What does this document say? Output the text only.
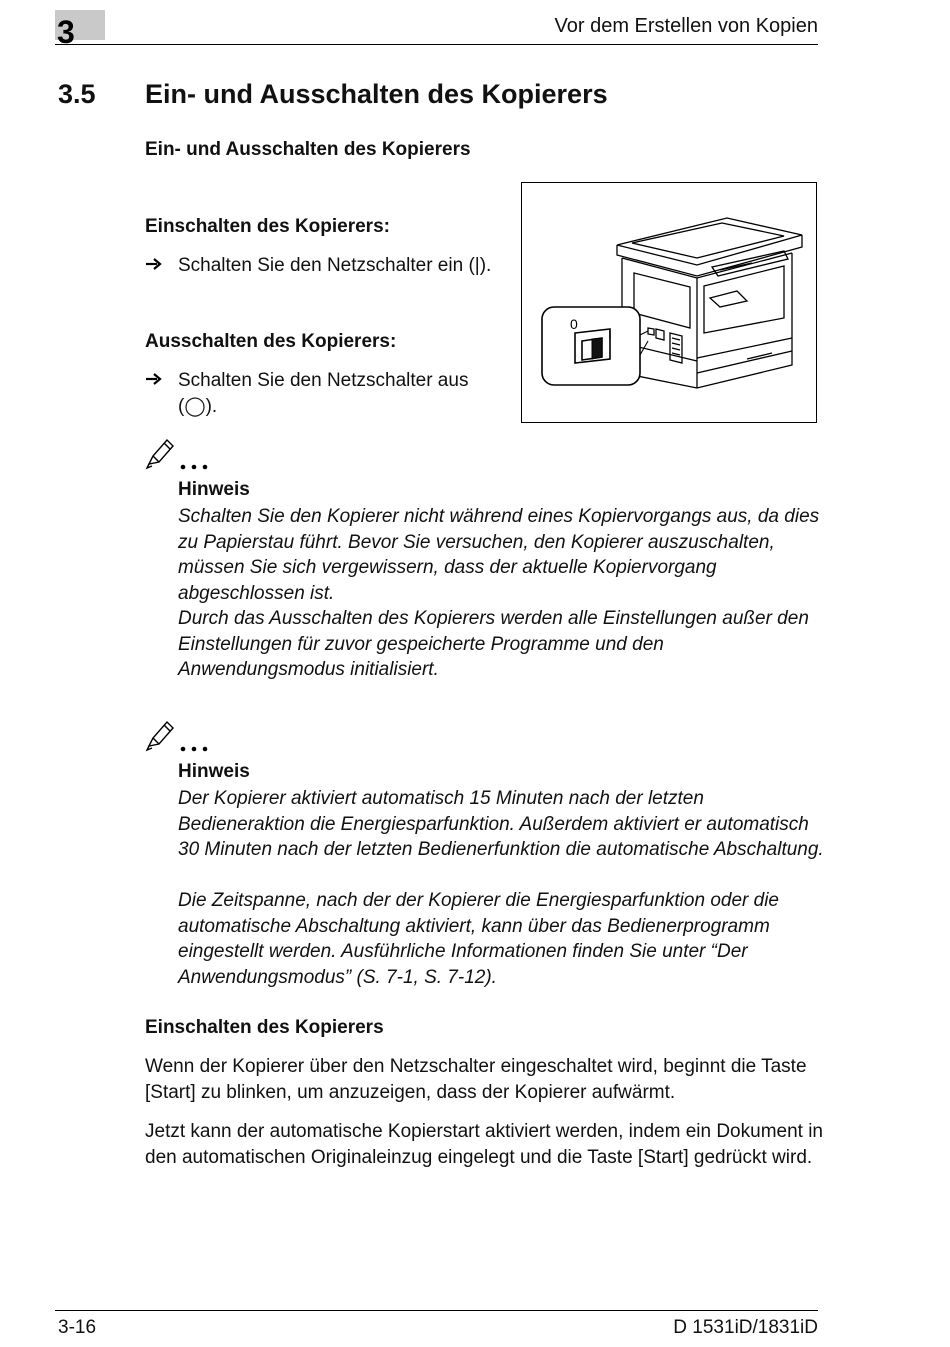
3	Vor dem Erstellen von Kopien
3.5 Ein- und Ausschalten des Kopierers
Ein- und Ausschalten des Kopierers
Einschalten des Kopierers:
Schalten Sie den Netzschalter ein (|).
Ausschalten des Kopierers:
Schalten Sie den Netzschalter aus (◯).
0
I
Hinweis
Schalten Sie den Kopierer nicht während eines Kopiervorgangs aus, da dies zu Papierstau führt. Bevor Sie versuchen, den Kopierer auszuschalten, müssen Sie sich vergewissern, dass der aktuelle Kopiervorgang abgeschlossen ist.
Durch das Ausschalten des Kopierers werden alle Einstellungen außer den Einstellungen für zuvor gespeicherte Programme und den Anwendungsmodus initialisiert.
Hinweis
Der Kopierer aktiviert automatisch 15 Minuten nach der letzten Bedieneraktion die Energiesparfunktion. Außerdem aktiviert er automatisch 30 Minuten nach der letzten Bedienerfunktion die automatische Abschaltung.
Die Zeitspanne, nach der der Kopierer die Energiesparfunktion oder die automatische Abschaltung aktiviert, kann über das Bedienerprogramm eingestellt werden. Ausführliche Informationen finden Sie unter “Der Anwendungsmodus” (S. 7-1, S. 7-12).
Einschalten des Kopierers
Wenn der Kopierer über den Netzschalter eingeschaltet wird, beginnt die Taste [Start] zu blinken, um anzuzeigen, dass der Kopierer aufwärmt.
Jetzt kann der automatische Kopierstart aktiviert werden, indem ein Dokument in den automatischen Originaleinzug eingelegt und die Taste [Start] gedrückt wird.
3-16	D 1531iD/1831iD
